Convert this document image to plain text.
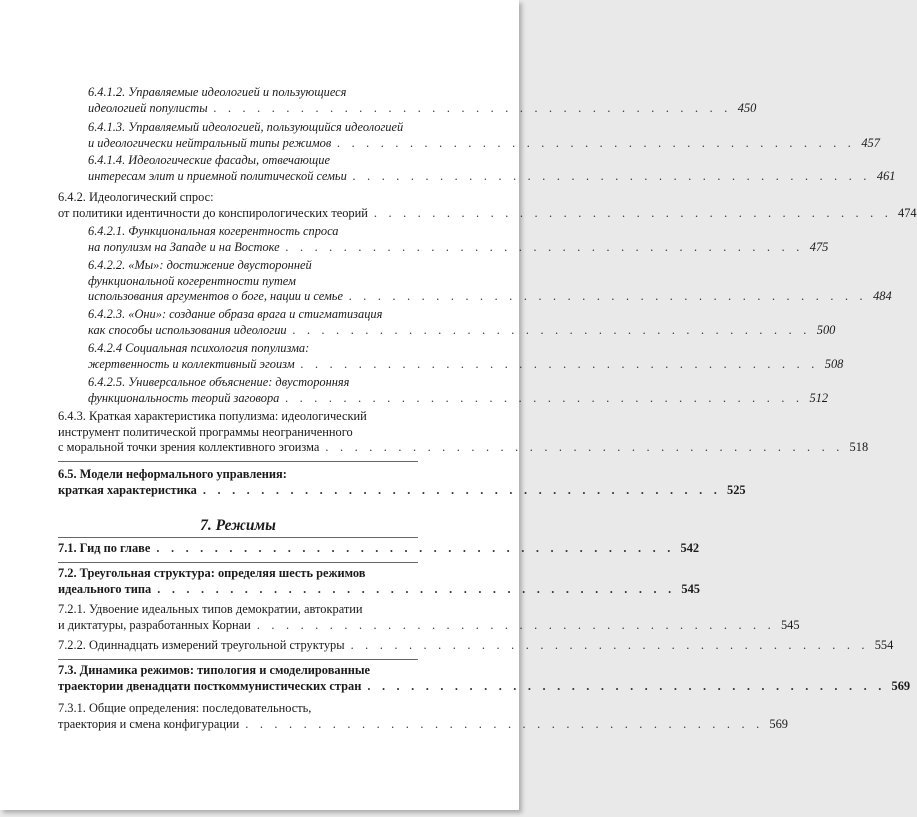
6.4.1.2. Управляемые идеологией и пользующиеся
идеологией популисты . . . . . . . . . . . . . . . . . . . . . . . . . . . . . . . . . . . . 450
6.4.1.3. Управляемый идеологией, пользующийся идеологией
и идеологически нейтральный типы режимов . . . . . . . . . . . . . . . . . . . . . . . . . . . . . . . . . . . . 457
6.4.1.4. Идеологические фасады, отвечающие
интересам элит и приемной политической семьи . . . . . . . . . . . . . . . . . . . . . . . . . . . . . . . . . . . . 461
6.4.2. Идеологический спрос:
от политики идентичности до конспирологических теорий . . . . . . . . . . . . . . . . . . . . . . . . . . . . . . . . . . . . 474
6.4.2.1. Функциональная когерентность спроса
на популизм на Западе и на Востоке . . . . . . . . . . . . . . . . . . . . . . . . . . . . . . . . . . . . 475
6.4.2.2. «Мы»: достижение двусторонней
функциональной когерентности путем
использования аргументов о боге, нации и семье . . . . . . . . . . . . . . . . . . . . . . . . . . . . . . . . . . . . 484
6.4.2.3. «Они»: создание образа врага и стигматизация
как способы использования идеологии . . . . . . . . . . . . . . . . . . . . . . . . . . . . . . . . . . . . 500
6.4.2.4 Социальная психология популизма:
жертвенность и коллективный эгоизм . . . . . . . . . . . . . . . . . . . . . . . . . . . . . . . . . . . . 508
6.4.2.5. Универсальное объяснение: двусторонняя
функциональность теорий заговора . . . . . . . . . . . . . . . . . . . . . . . . . . . . . . . . . . . . 512
6.4.3. Краткая характеристика популизма: идеологический
инструмент политической программы неограниченного
с моральной точки зрения коллективного эгоизма . . . . . . . . . . . . . . . . . . . . . . . . . . . . . . . . . . . . 518
6.5. Модели неформального управления:
краткая характеристика . . . . . . . . . . . . . . . . . . . . . . . . . . . . . . . . . . . . 525
7. Режимы
7.1. Гид по главе . . . . . . . . . . . . . . . . . . . . . . . . . . . . . . . . . . . . 542
7.2. Треугольная структура: определяя шесть режимов
идеального типа . . . . . . . . . . . . . . . . . . . . . . . . . . . . . . . . . . . . 545
7.2.1. Удвоение идеальных типов демократии, автократии
и диктатуры, разработанных Корнаи . . . . . . . . . . . . . . . . . . . . . . . . . . . . . . . . . . . . 545
7.2.2. Одиннадцать измерений треугольной структуры . . . . . . . . . . . . . . . . . . . . . . . . . . . . . . . . . . . . 554
7.3. Динамика режимов: типология и смоделированные
траектории двенадцати посткоммунистических стран . . . . . . . . . . . . . . . . . . . . . . . . . . . . . . . . . . . . 569
7.3.1. Общие определения: последовательность,
траектория и смена конфигурации . . . . . . . . . . . . . . . . . . . . . . . . . . . . . . . . . . . . 569
